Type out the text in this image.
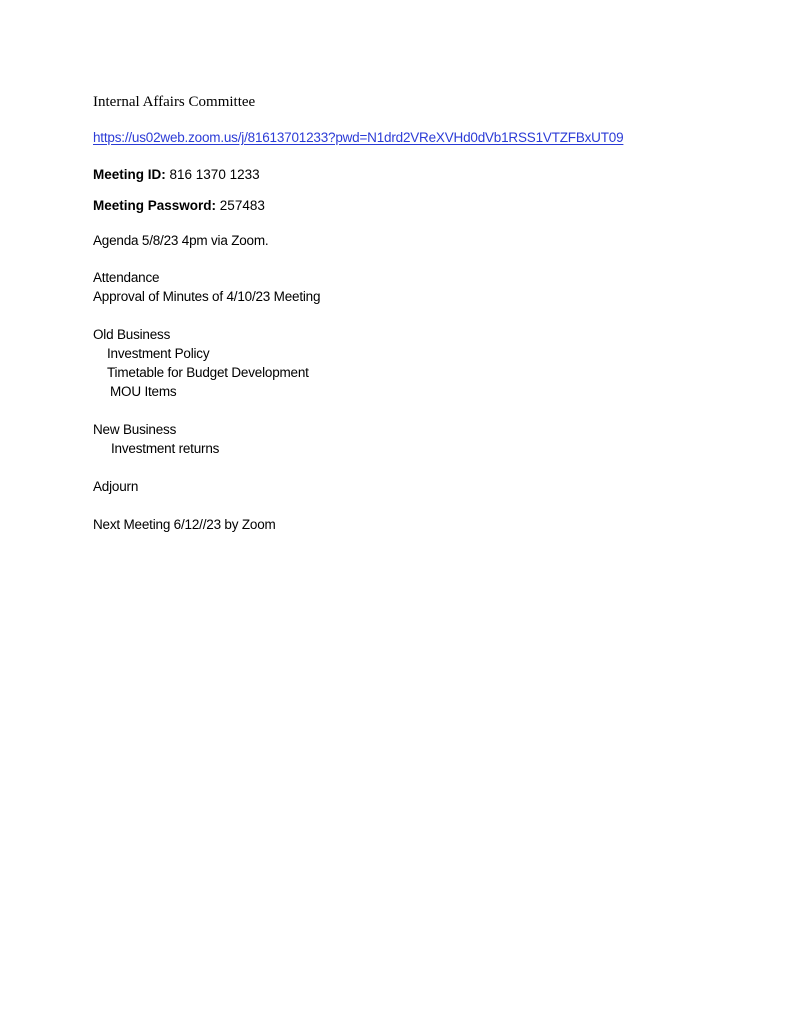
Internal Affairs Committee
https://us02web.zoom.us/j/81613701233?pwd=N1drd2VReXVHd0dVb1RSS1VTZFBxUT09
Meeting ID: 816 1370 1233
Meeting Password: 257483
Agenda 5/8/23 4pm via Zoom.
Attendance
Approval of Minutes of 4/10/23 Meeting
Old Business
Investment Policy
Timetable for Budget Development
MOU Items
New Business
Investment returns
Adjourn
Next Meeting 6/12//23 by Zoom
